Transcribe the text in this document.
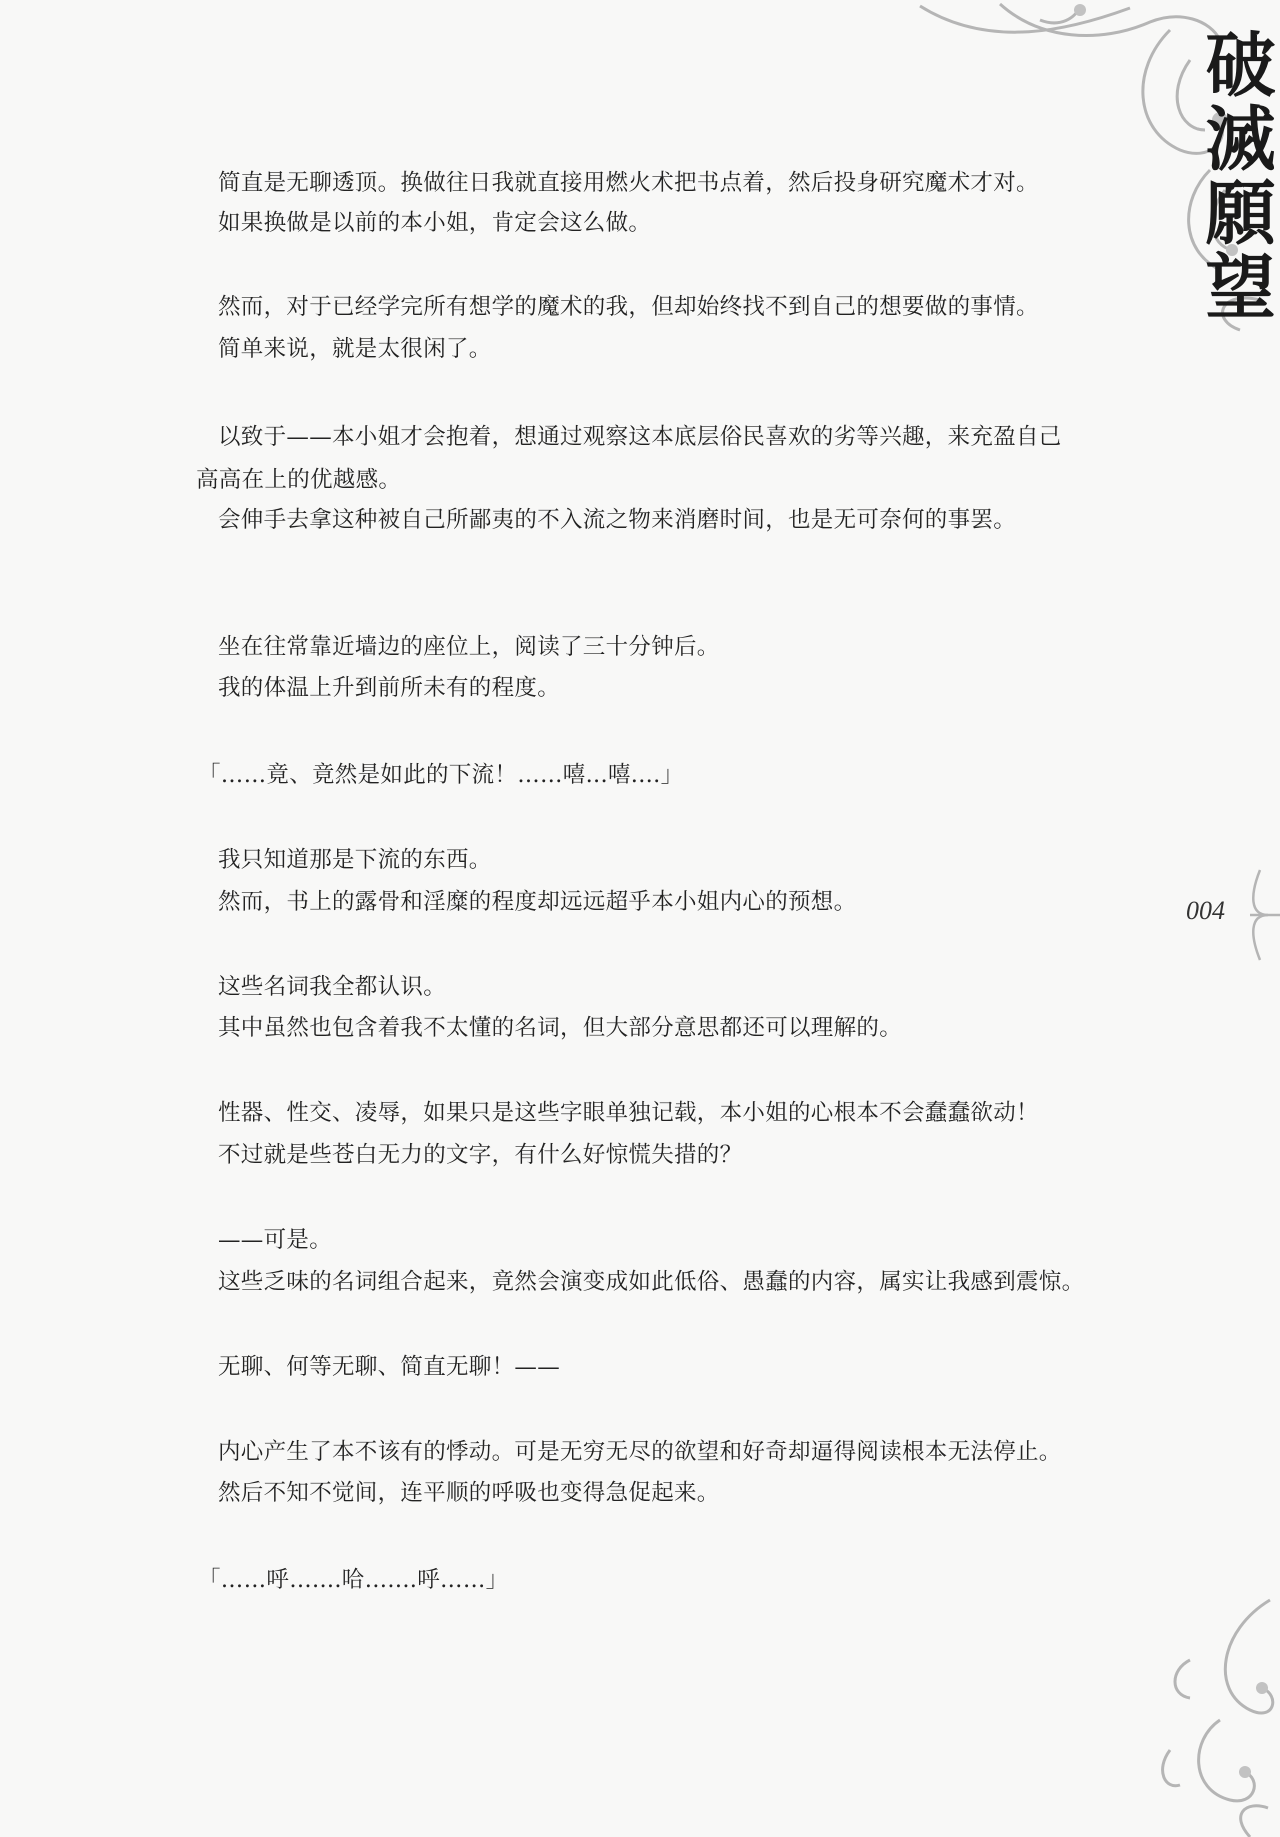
破滅願望
004
简直是无聊透顶。换做往日我就直接用燃火术把书点着，然后投身研究魔术才对。
如果换做是以前的本小姐，肯定会这么做。
然而，对于已经学完所有想学的魔术的我，但却始终找不到自己的想要做的事情。
简单来说，就是太很闲了。
以致于——本小姐才会抱着，想通过观察这本底层俗民喜欢的劣等兴趣，来充盈自己
高高在上的优越感。
会伸手去拿这种被自己所鄙夷的不入流之物来消磨时间，也是无可奈何的事罢。
坐在往常靠近墙边的座位上，阅读了三十分钟后。
我的体温上升到前所未有的程度。
「……竟、竟然是如此的下流！……嘻...嘻....」
我只知道那是下流的东西。
然而，书上的露骨和淫糜的程度却远远超乎本小姐内心的预想。
这些名词我全都认识。
其中虽然也包含着我不太懂的名词，但大部分意思都还可以理解的。
性器、性交、凌辱，如果只是这些字眼单独记载，本小姐的心根本不会蠢蠢欲动！
不过就是些苍白无力的文字，有什么好惊慌失措的？
——可是。
这些乏味的名词组合起来，竟然会演变成如此低俗、愚蠢的内容，属实让我感到震惊。
无聊、何等无聊、简直无聊！——
内心产生了本不该有的悸动。可是无穷无尽的欲望和好奇却逼得阅读根本无法停止。
然后不知不觉间，连平顺的呼吸也变得急促起来。
「……呼…....哈…....呼……」
